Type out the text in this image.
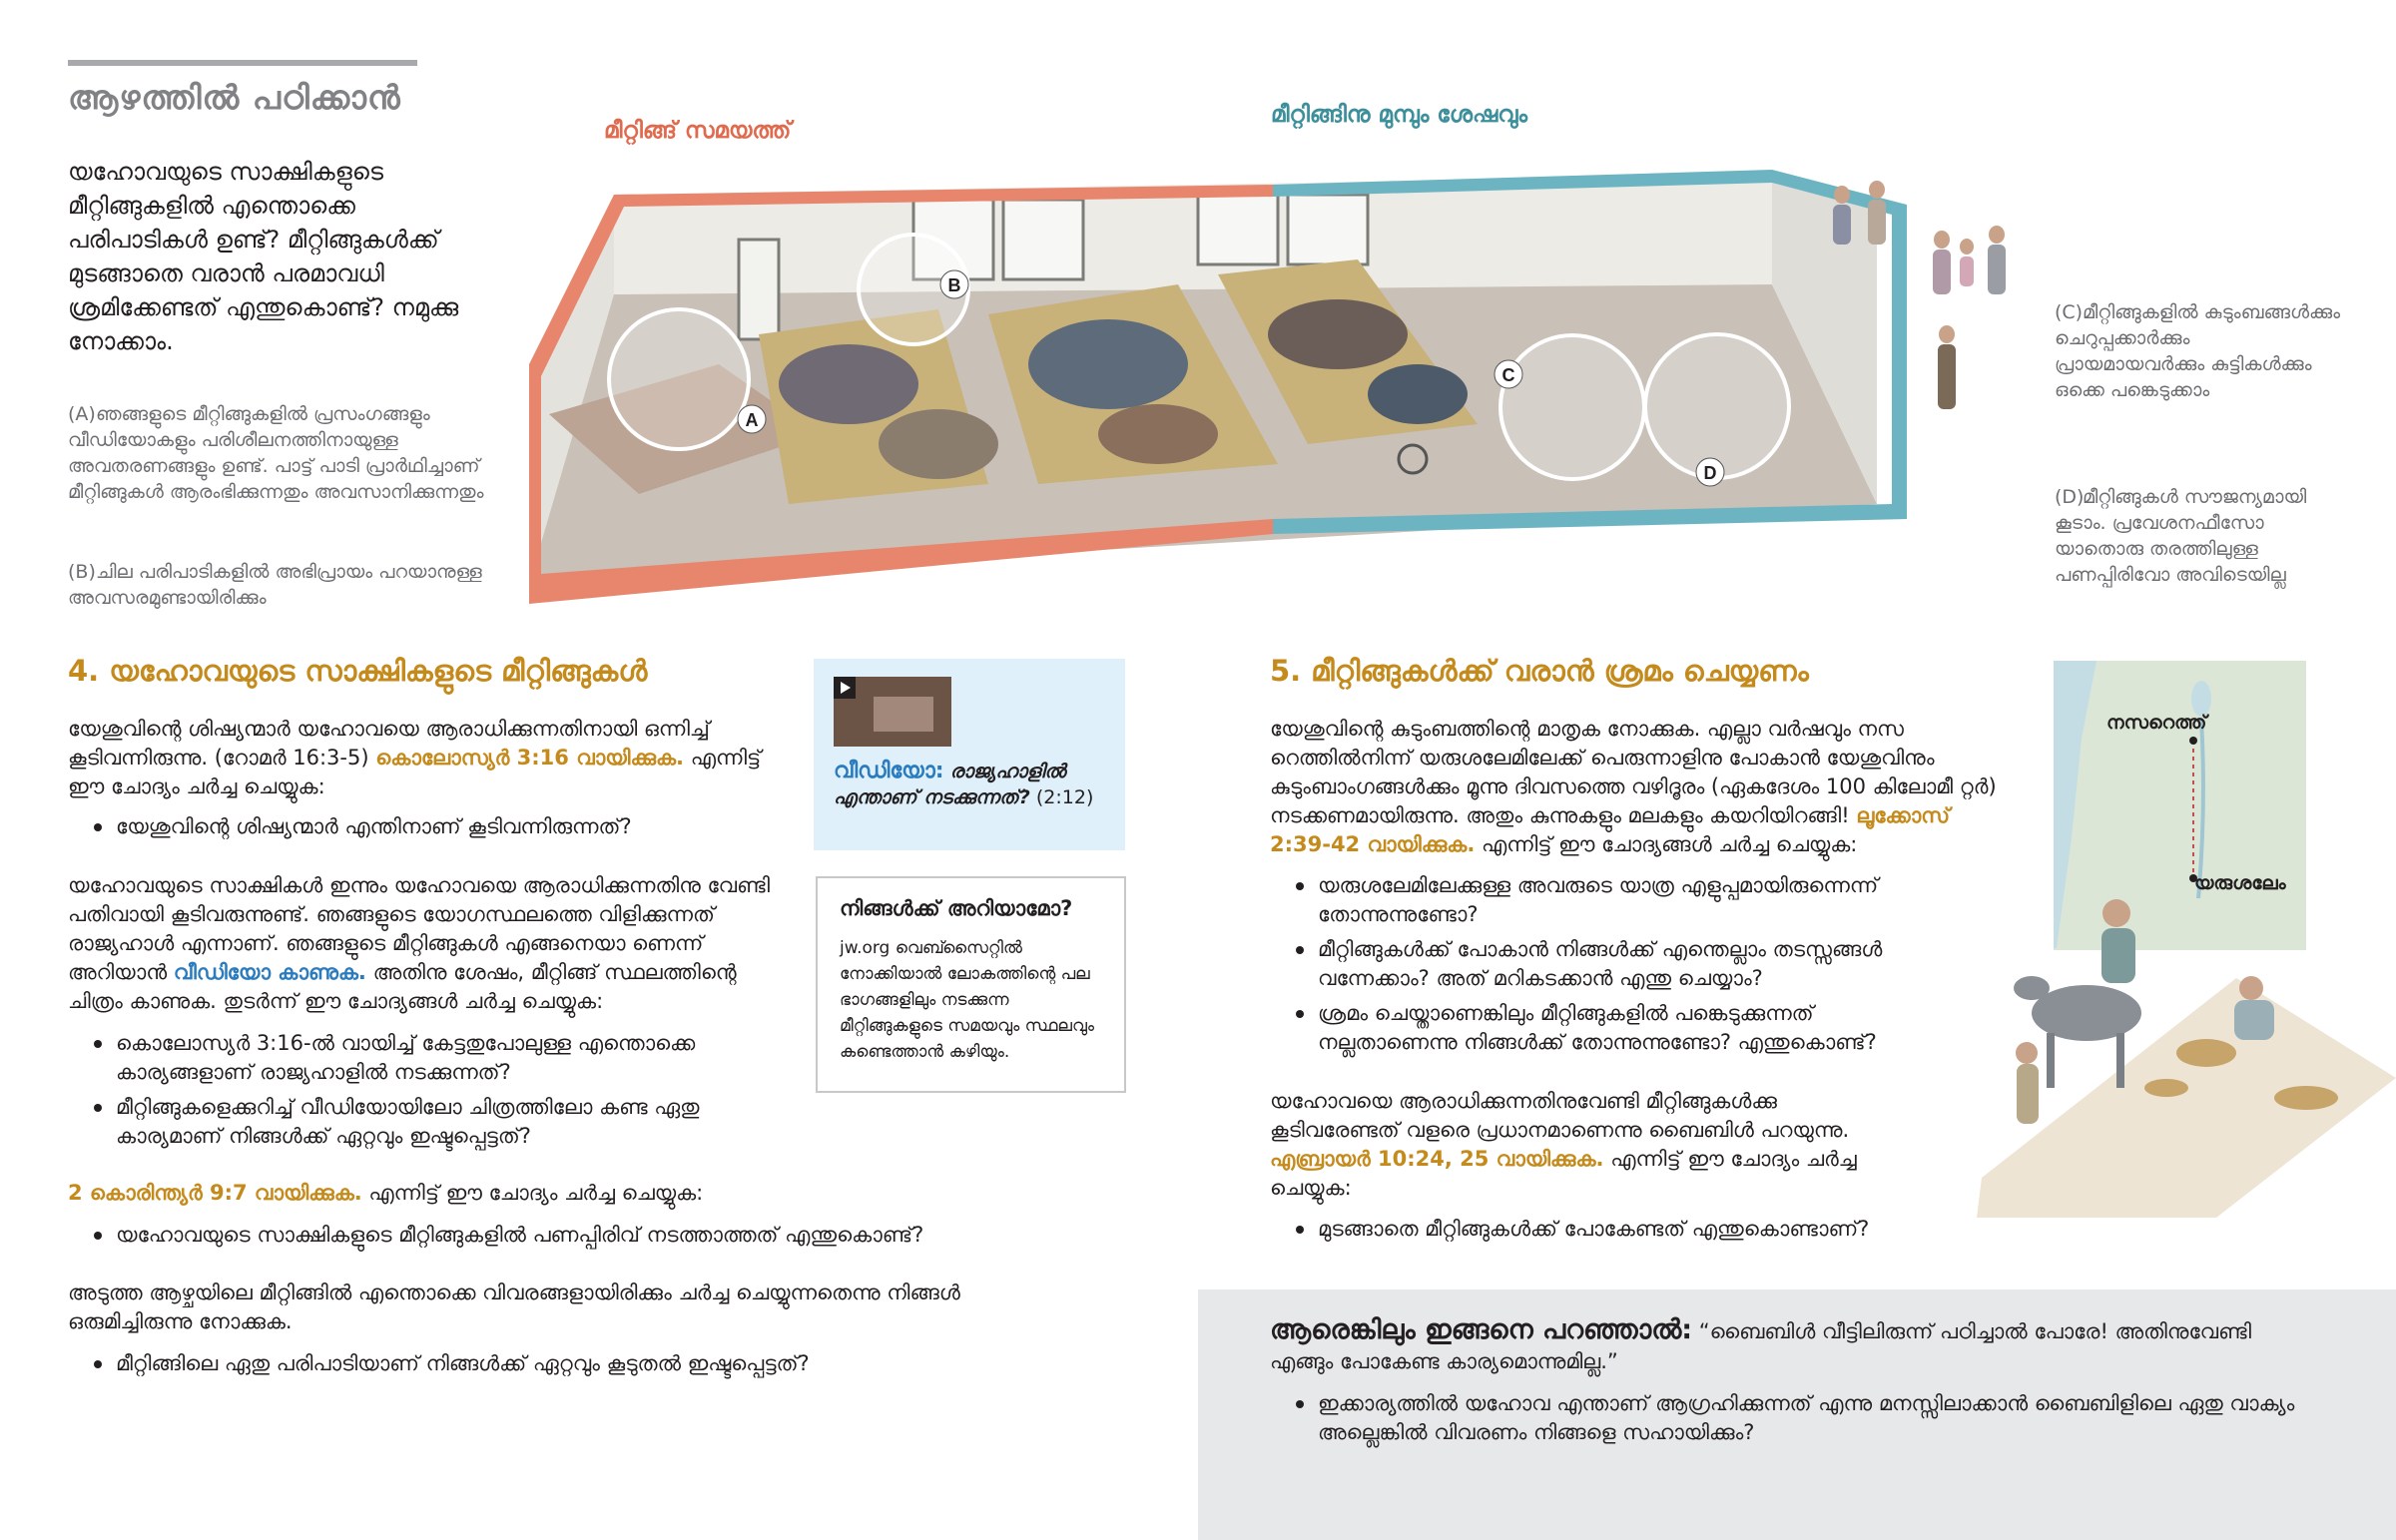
ആഴത്തിൽ പഠിക്കാൻ
യഹോവയുടെ സാക്ഷികളുടെ മീറ്റിങ്ങുകളിൽ എന്തൊക്കെ പരിപാടികൾ ഉണ്ട്? മീറ്റിങ്ങുകൾക്ക് മുടങ്ങാതെ വരാൻ പരമാവധി ശ്രമിക്കേണ്ടത് എന്തുകൊണ്ട്? നമുക്കു നോക്കാം.
(A)ഞങ്ങളുടെ മീറ്റിങ്ങുകളിൽ പ്രസംഗങ്ങളും വീഡിയോകളും പരിശീലനത്തിനായുള്ള അവതരണങ്ങളും ഉണ്ട്. പാട്ട് പാടി പ്രാർഥിച്ചാണ് മീറ്റിങ്ങുകൾ ആരംഭിക്കുന്നതും അവസാനിക്കുന്നതും
(B)ചില പരിപാടികളിൽ അഭിപ്രായം പറയാനുള്ള അവസരമുണ്ടായിരിക്കും
മീറ്റിങ്ങ് സമയത്ത്
മീറ്റിങ്ങിനു മുമ്പും ശേഷവും
A
B
C
D
(C)മീറ്റിങ്ങുകളിൽ കുടുംബങ്ങൾക്കും ചെറുപ്പക്കാർക്കും പ്രായമായവർക്കും കുട്ടികൾക്കും ഒക്കെ പങ്കെടുക്കാം
(D)മീറ്റിങ്ങുകൾ സൗജന്യമായി കൂടാം. പ്രവേശനഫീസോ യാതൊരു തരത്തിലുള്ള പണപ്പിരിവോ അവിടെയില്ല
4. യഹോവയുടെ സാക്ഷികളുടെ മീറ്റിങ്ങുകൾ
യേശുവിന്റെ ശിഷ്യന്മാർ യഹോവയെ ആരാധിക്കുന്നതിനായി ഒന്നിച്ച് കൂടിവന്നിരുന്നു. (റോമർ 16:3-5) കൊലോസ്യർ 3:16 വായിക്കുക. എന്നിട്ട് ഈ ചോദ്യം ചർച്ച ചെയ്യുക:
യേശുവിന്റെ ശിഷ്യന്മാർ എന്തിനാണ് കൂടിവന്നിരുന്നത്?
യഹോവയുടെ സാക്ഷികൾ ഇന്നും യഹോവയെ ആരാധിക്കുന്നതിനു വേണ്ടി പതിവായി കൂടിവരുന്നുണ്ട്. ഞങ്ങളുടെ യോഗസ്ഥലത്തെ വിളിക്കുന്നത് രാജ്യഹാൾ എന്നാണ്. ഞങ്ങളുടെ മീറ്റിങ്ങുകൾ എങ്ങനെയാ ണെന്ന് അറിയാൻ വീഡിയോ കാണുക. അതിനു ശേഷം, മീറ്റിങ്ങ് സ്ഥലത്തിന്റെ ചിത്രം കാണുക. തുടർന്ന് ഈ ചോദ്യങ്ങൾ ചർച്ച ചെയ്യുക:
കൊലോസ്യർ 3:16-ൽ വായിച്ച് കേട്ടതുപോലുള്ള എന്തൊക്കെ കാര്യങ്ങളാണ് രാജ്യഹാളിൽ നടക്കുന്നത്?
മീറ്റിങ്ങുകളെക്കുറിച്ച് വീഡിയോയിലോ ചിത്രത്തിലോ കണ്ട ഏതു കാര്യമാണ് നിങ്ങൾക്ക് ഏറ്റവും ഇഷ്ടപ്പെട്ടത്?
2 കൊരിന്ത്യർ 9:7 വായിക്കുക. എന്നിട്ട് ഈ ചോദ്യം ചർച്ച ചെയ്യുക:
യഹോവയുടെ സാക്ഷികളുടെ മീറ്റിങ്ങുകളിൽ പണപ്പിരിവ് നടത്താത്തത് എന്തുകൊണ്ട്?
അടുത്ത ആഴ്ചയിലെ മീറ്റിങ്ങിൽ എന്തൊക്കെ വിവരങ്ങളായിരിക്കും ചർച്ച ചെയ്യുന്നതെന്നു നിങ്ങൾ ഒരുമിച്ചിരുന്നു നോക്കുക.
മീറ്റിങ്ങിലെ ഏതു പരിപാടിയാണ് നിങ്ങൾക്ക് ഏറ്റവും കൂടുതൽ ഇഷ്ടപ്പെട്ടത്?
വീഡിയോ: രാജ്യഹാളിൽ എന്താണ് നടക്കുന്നത്? (2:12)
നിങ്ങൾക്ക് അറിയാമോ?
jw.org വെബ്സൈറ്റിൽ നോക്കിയാൽ ലോകത്തിന്റെ പല ഭാഗങ്ങളിലും നടക്കുന്ന മീറ്റിങ്ങുകളുടെ സമയവും സ്ഥലവും കണ്ടെത്താൻ കഴിയും.
5. മീറ്റിങ്ങുകൾക്ക് വരാൻ ശ്രമം ചെയ്യണം
യേശുവിന്റെ കുടുംബത്തിന്റെ മാതൃക നോക്കുക. എല്ലാ വർഷവും നസ റെത്തിൽനിന്ന് യരുശലേമിലേക്ക് പെരുന്നാളിനു പോകാൻ യേശുവിനും കുടുംബാംഗങ്ങൾക്കും മൂന്നു ദിവസത്തെ വഴിദൂരം (ഏകദേശം 100 കിലോമീ റ്റർ) നടക്കണമായിരുന്നു. അതും കുന്നുകളും മലകളും കയറിയിറങ്ങി! ലൂക്കോസ് 2:39-42 വായിക്കുക. എന്നിട്ട് ഈ ചോദ്യങ്ങൾ ചർച്ച ചെയ്യുക:
യരുശലേമിലേക്കുള്ള അവരുടെ യാത്ര എളുപ്പമായിരുന്നെന്ന് തോന്നുന്നുണ്ടോ?
മീറ്റിങ്ങുകൾക്ക് പോകാൻ നിങ്ങൾക്ക് എന്തെല്ലാം തടസ്സങ്ങൾ വന്നേക്കാം? അത് മറികടക്കാൻ എന്തു ചെയ്യാം?
ശ്രമം ചെയ്താണെങ്കിലും മീറ്റിങ്ങുകളിൽ പങ്കെടുക്കുന്നത് നല്ലതാണെന്നു നിങ്ങൾക്ക് തോന്നുന്നുണ്ടോ? എന്തുകൊണ്ട്?
യഹോവയെ ആരാധിക്കുന്നതിനുവേണ്ടി മീറ്റിങ്ങുകൾക്കു കൂടിവരേണ്ടത് വളരെ പ്രധാനമാണെന്നു ബൈബിൾ പറയുന്നു. എബ്രായർ 10:24, 25 വായിക്കുക. എന്നിട്ട് ഈ ചോദ്യം ചർച്ച ചെയ്യുക:
മുടങ്ങാതെ മീറ്റിങ്ങുകൾക്ക് പോകേണ്ടത് എന്തുകൊണ്ടാണ്?
നസറെത്ത്
യരുശലേം
ആരെങ്കിലും ഇങ്ങനെ പറഞ്ഞാൽ: “ബൈബിൾ വീട്ടിലിരുന്ന് പഠിച്ചാൽ പോരേ! അതിനുവേണ്ടി എങ്ങും പോകേണ്ട കാര്യമൊന്നുമില്ല.”
ഇക്കാര്യത്തിൽ യഹോവ എന്താണ് ആഗ്രഹിക്കുന്നത് എന്നു മനസ്സിലാക്കാൻ ബൈബിളിലെ ഏതു വാക്യം അല്ലെങ്കിൽ വിവരണം നിങ്ങളെ സഹായിക്കും?
